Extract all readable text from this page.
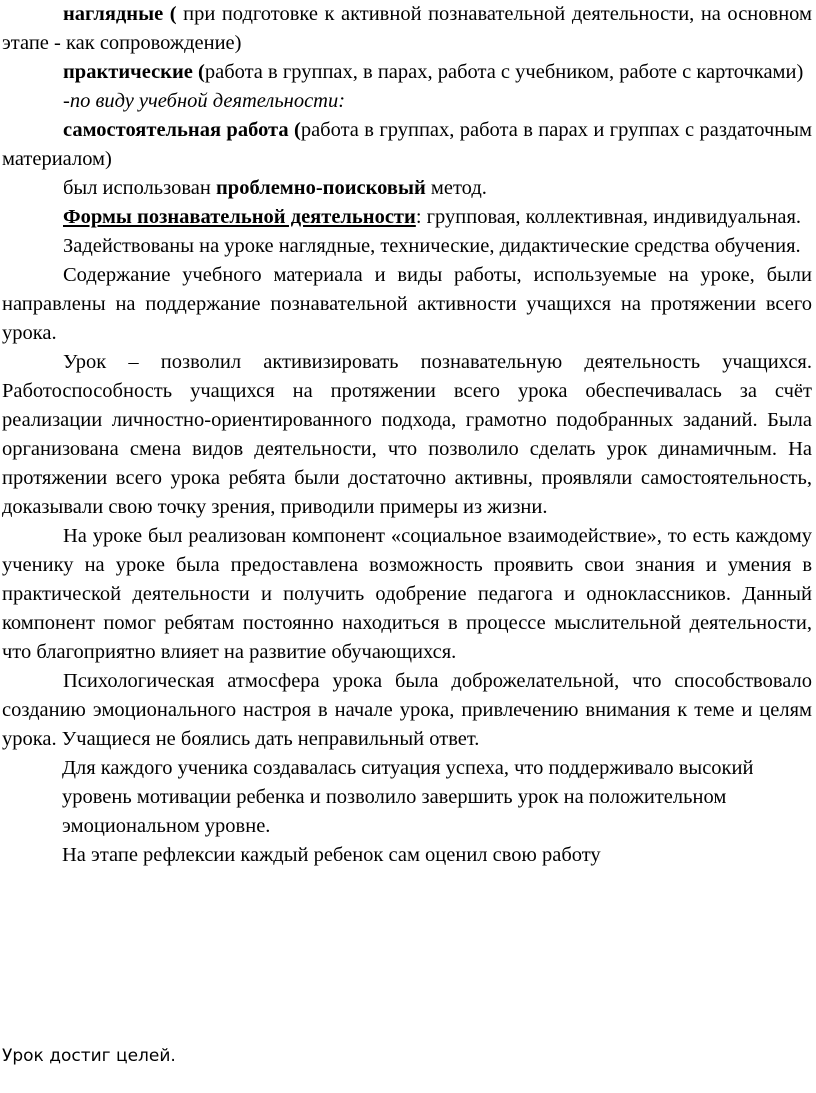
наглядные ( при подготовке к активной познавательной деятельности, на основном этапе - как сопровождение)

практические (работа в группах, в парах, работа с учебником, работе с карточками)

-по виду учебной деятельности:

самостоятельная работа (работа в группах, работа в парах и группах с раздаточным материалом)

был использован проблемно-поисковый метод.

Формы познавательной деятельности: групповая, коллективная, индивидуальная.

Задействованы на уроке наглядные, технические, дидактические средства обучения.

Содержание учебного материала и виды работы, используемые на уроке, были направлены на поддержание познавательной активности учащихся на протяжении всего урока.

Урок – позволил активизировать познавательную деятельность учащихся. Работоспособность учащихся на протяжении всего урока обеспечивалась за счёт реализации личностно-ориентированного подхода, грамотно подобранных заданий. Была организована смена видов деятельности, что позволило сделать урок динамичным. На протяжении всего урока ребята были достаточно активны, проявляли самостоятельность, доказывали свою точку зрения, приводили примеры из жизни.

На уроке был реализован компонент «социальное взаимодействие», то есть каждому ученику на уроке была предоставлена возможность проявить свои знания и умения в практической деятельности и получить одобрение педагога и одноклассников. Данный компонент помог ребятам постоянно находиться в процессе мыслительной деятельности, что благоприятно влияет на развитие обучающихся.

Психологическая атмосфера урока была доброжелательной, что способствовало созданию эмоционального настроя в начале урока, привлечению внимания к теме и целям урока. Учащиеся не боялись дать неправильный ответ.

Для каждого ученика создавалась ситуация успеха, что поддерживало высокий уровень мотивации ребенка и позволило завершить урок на положительном эмоциональном уровне.

На этапе рефлексии каждый ребенок сам оценил свою работу

Урок достиг целей.
